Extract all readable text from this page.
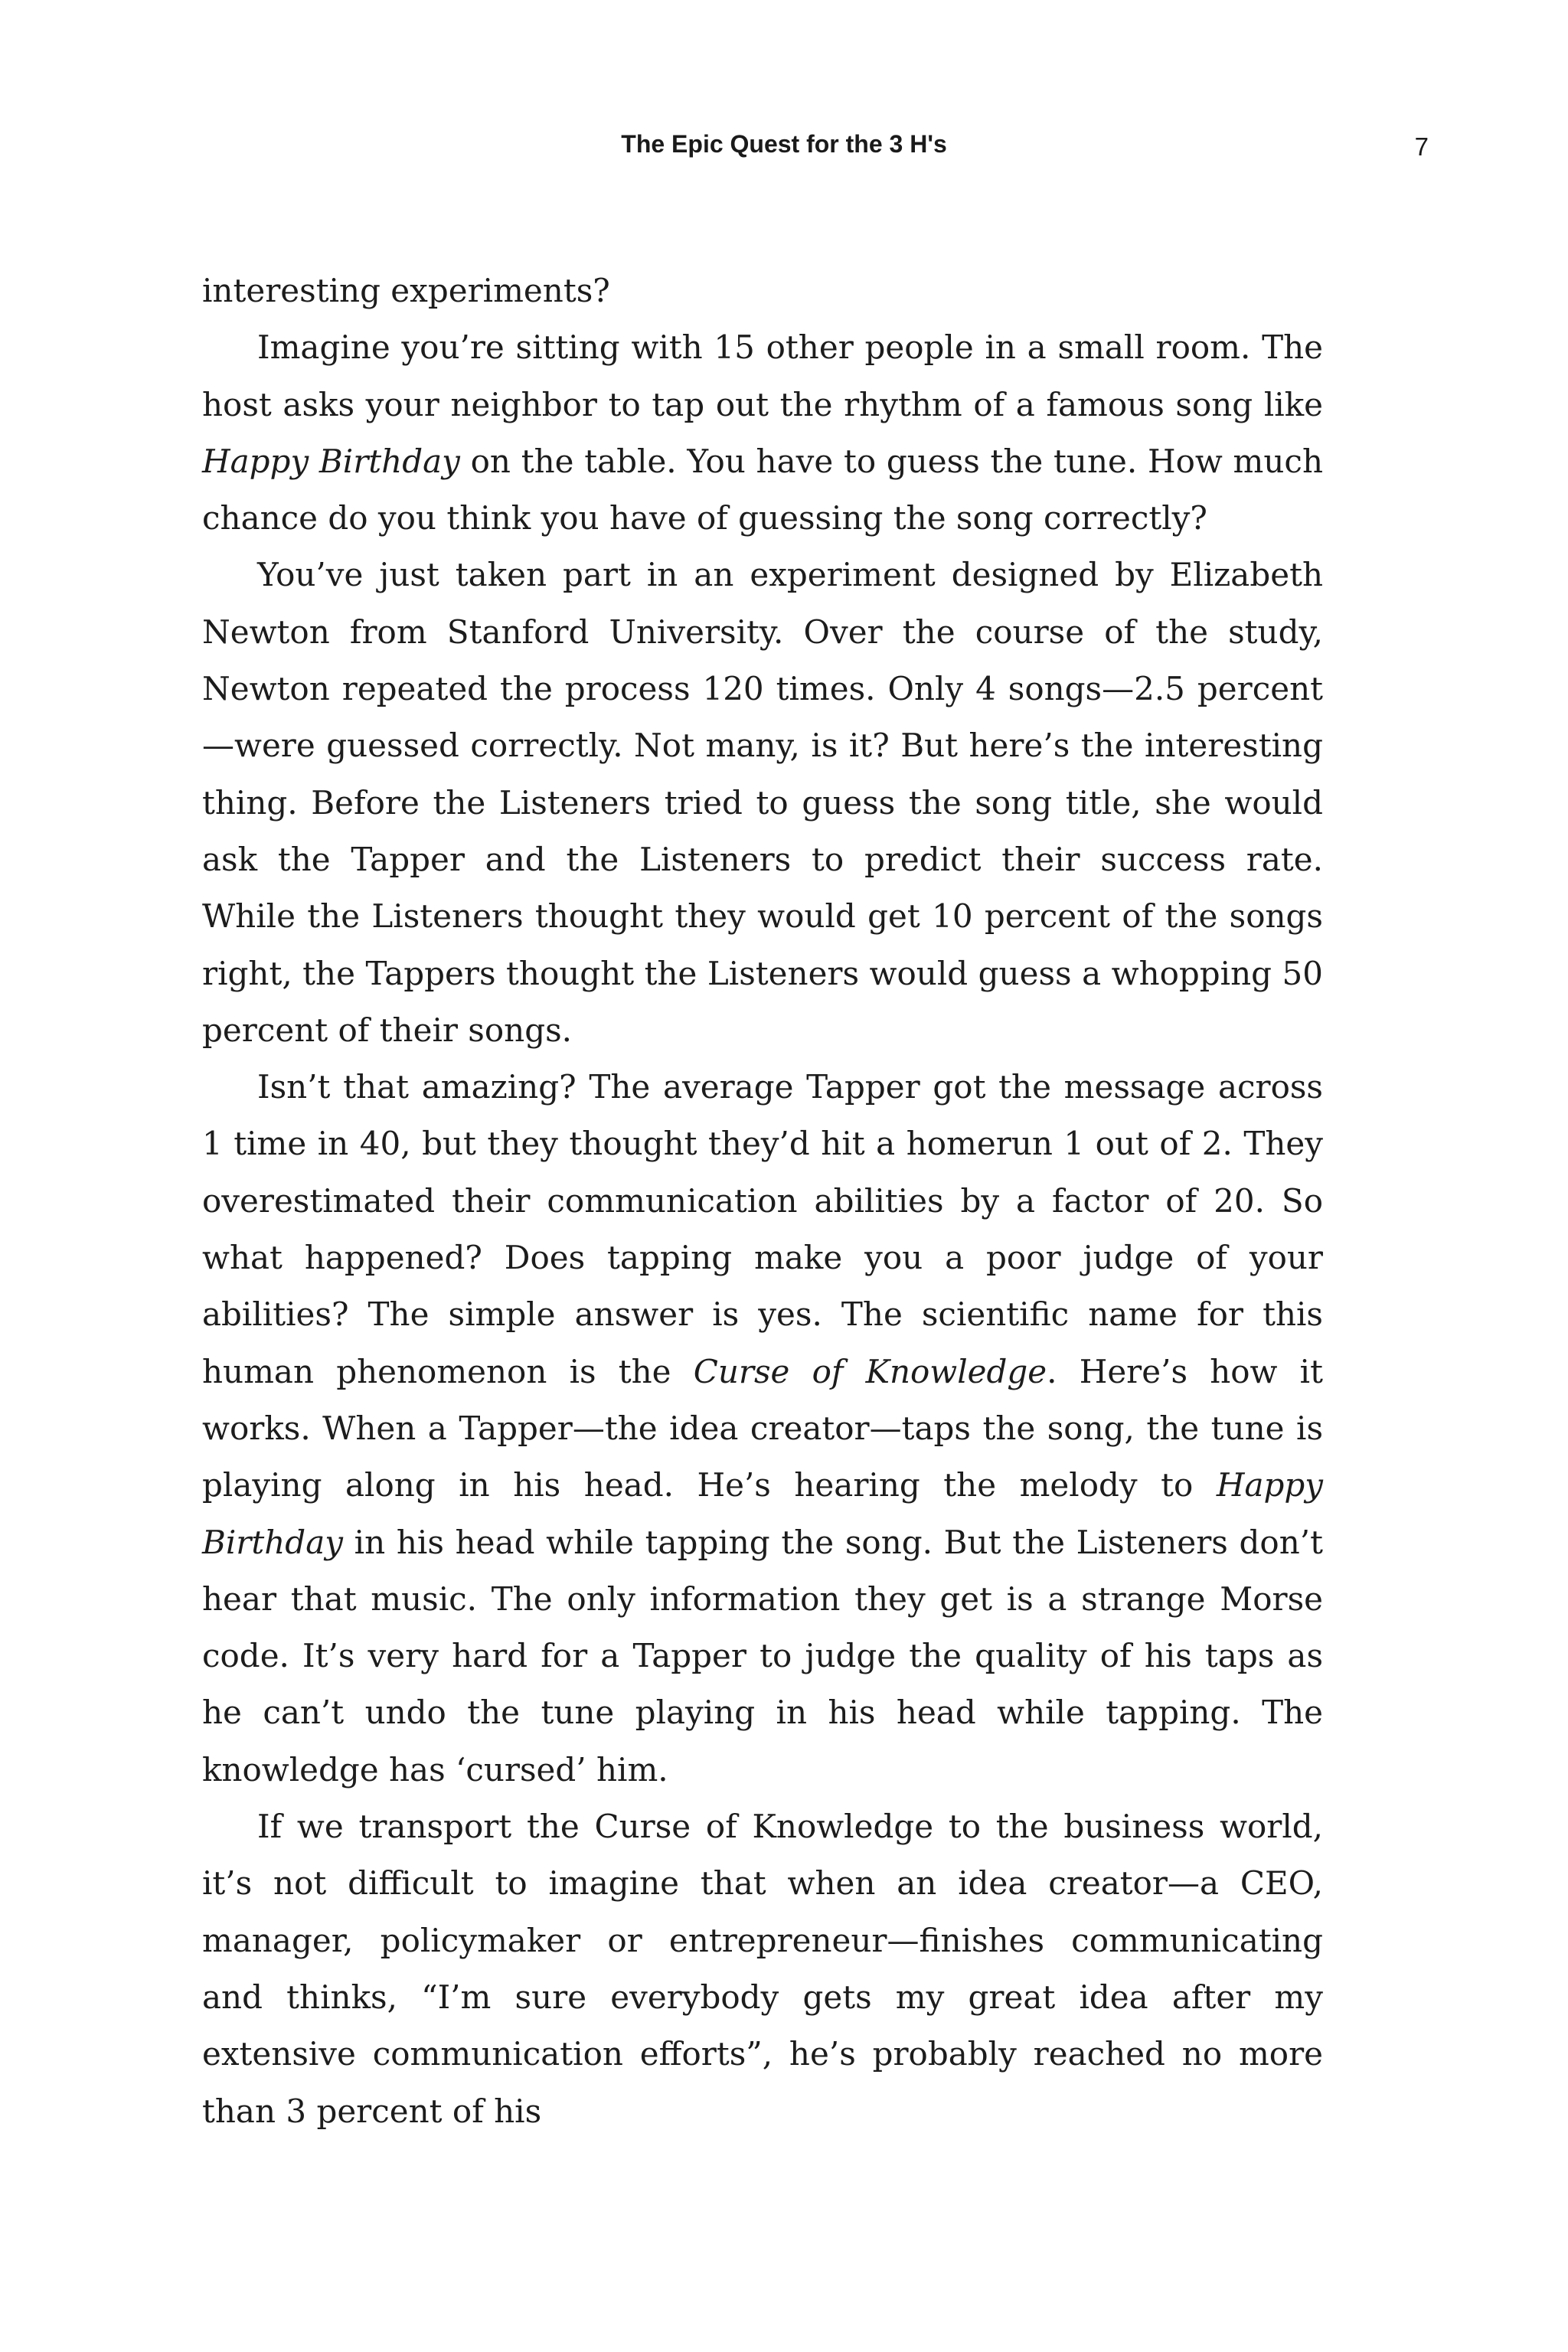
The Epic Quest for the 3 H's	7

interesting experiments?

Imagine you’re sitting with 15 other people in a small room. The host asks your neighbor to tap out the rhythm of a famous song like Happy Birthday on the table. You have to guess the tune. How much chance do you think you have of guessing the song correctly?

You’ve just taken part in an experiment designed by Elizabeth Newton from Stanford University. Over the course of the study, Newton repeated the process 120 times. Only 4 songs—2.5 percent—were guessed correctly. Not many, is it? But here’s the interesting thing. Before the Listeners tried to guess the song title, she would ask the Tapper and the Listeners to predict their success rate. While the Listeners thought they would get 10 percent of the songs right, the Tappers thought the Listeners would guess a whopping 50 percent of their songs.

Isn’t that amazing? The average Tapper got the message across 1 time in 40, but they thought they’d hit a homerun 1 out of 2. They overestimated their communication abilities by a factor of 20. So what happened? Does tapping make you a poor judge of your abilities? The simple answer is yes. The scientific name for this human phenomenon is the Curse of Knowledge. Here’s how it works. When a Tapper—the idea creator—taps the song, the tune is playing along in his head. He’s hearing the melody to Happy Birthday in his head while tapping the song. But the Listeners don’t hear that music. The only information they get is a strange Morse code. It’s very hard for a Tapper to judge the quality of his taps as he can’t undo the tune playing in his head while tapping. The knowledge has ‘cursed’ him.

If we transport the Curse of Knowledge to the business world, it’s not difficult to imagine that when an idea creator—a CEO, manager, policymaker or entrepreneur—finishes communicating and thinks, “I’m sure everybody gets my great idea after my extensive communication efforts”, he’s probably reached no more than 3 percent of his
